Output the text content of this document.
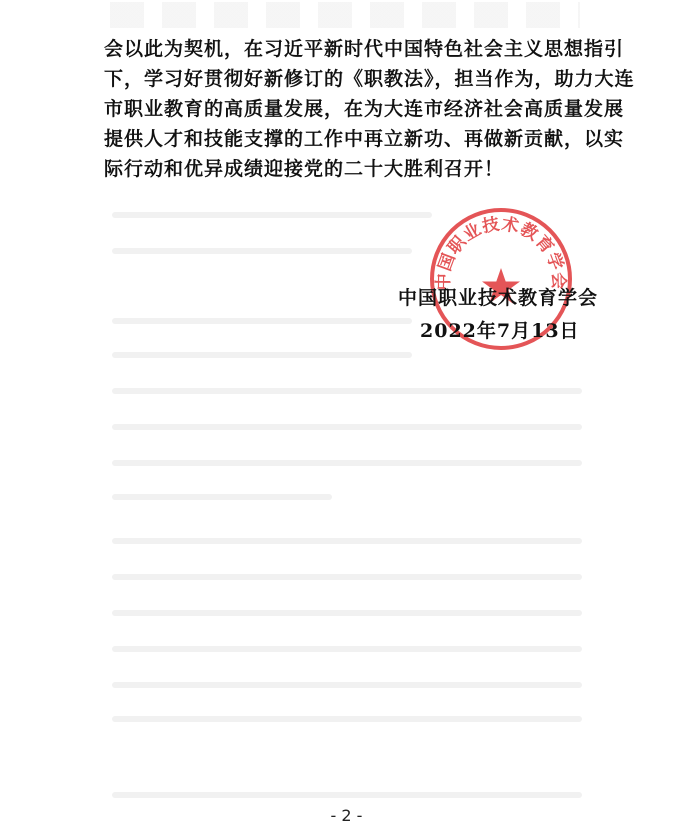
会以此为契机，在习近平新时代中国特色社会主义思想指引

下，学习好贯彻好新修订的《职教法》，担当作为，助力大连

市职业教育的高质量发展，在为大连市经济社会高质量发展

提供人才和技能支撑的工作中再立新功、再做新贡献，以实

际行动和优异成绩迎接党的二十大胜利召开！

中国职业技术教育学会
中国职业技术教育学会
2022年7月13日
- 2 -
